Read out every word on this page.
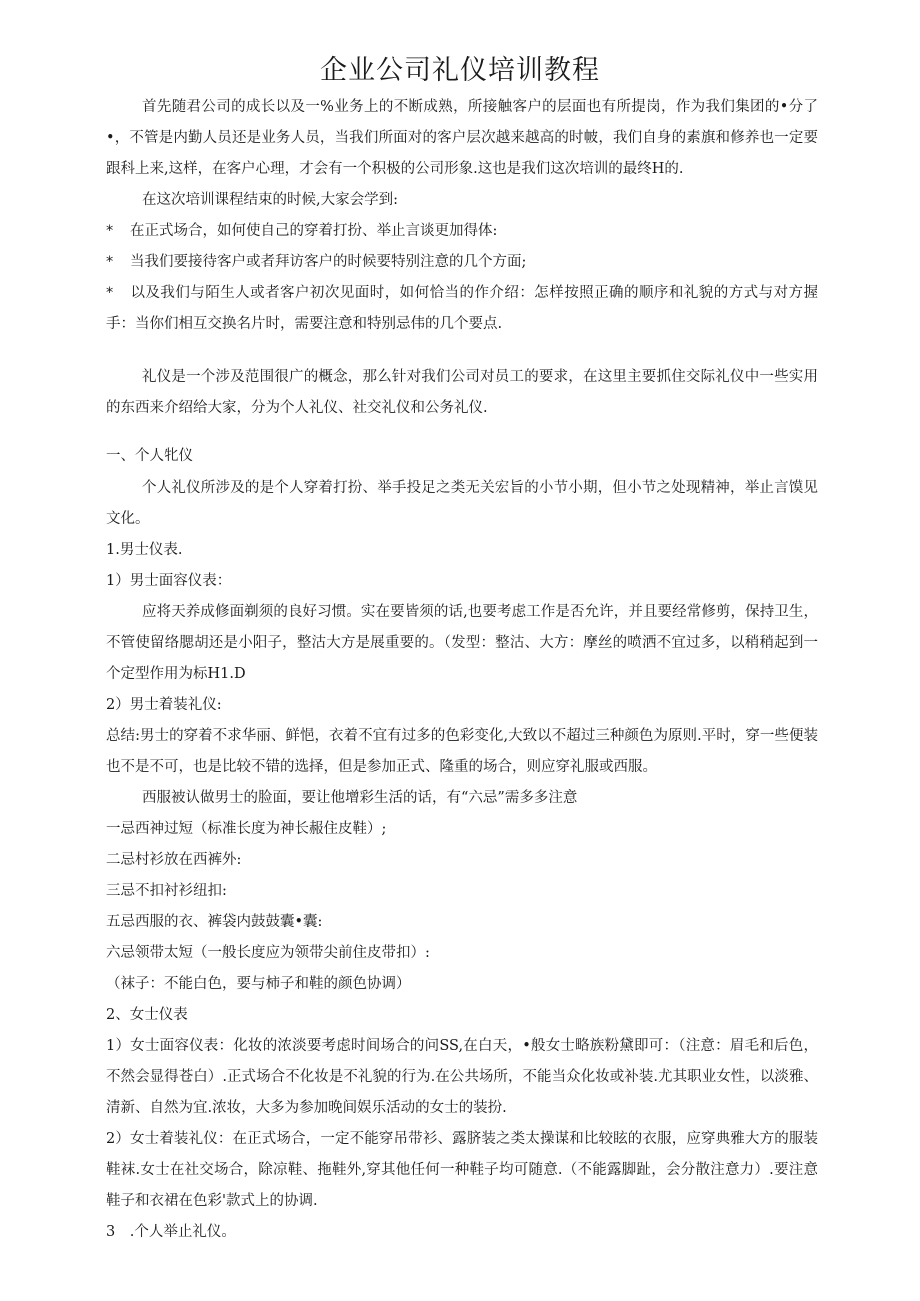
企业公司礼仪培训教程

首先随君公司的成长以及一%业务上的不断成熟，所接触客户的层面也有所提岗，作为我们集团的•分了•，不管是内勤人员还是业务人员，当我们所面对的客户层次越来越高的时帔，我们自身的素旗和修养也一定要跟科上来,这样，在客户心理，才会有一个积极的公司形象.这也是我们这次培训的最终H的.

在这次培训课程结束的时候,大家会学到:

* 在正式场合，如何使自己的穿着打扮、举止言谈更加得体:
* 当我们要接待客户或者拜访客户的时候要特别注意的几个方面;

* 以及我们与陌生人或者客户初次见面时，如何恰当的作介绍：怎样按照正确的顺序和礼貌的方式与对方握手：当你们相互交换名片时，需要注意和特别忌伟的几个要点.

礼仪是一个涉及范围很广的概念，那么针对我们公司对员工的要求，在这里主要抓住交际礼仪中一些实用的东西来介绍给大家，分为个人礼仪、社交礼仪和公务礼仪.

一、个人牝仪

个人礼仪所涉及的是个人穿着打扮、举手投足之类无关宏旨的小节小期，但小节之处现精神，举止言馍见文化。

1.男士仪表.

1）男士面容仪表：

应将天养成修面剃须的良好习惯。实在要皆须的话,也要考虑工作是否允许，并且要经常修剪，保持卫生，不管使留络腮胡还是小阳子，整沽大方是展重要的。（发型：整沽、大方：摩丝的喷洒不宜过多，以稍稍起到一个定型作用为标H1.D

2）男士着装礼仪:

总结:男士的穿着不求华丽、鲜悒，衣着不宜有过多的色彩变化,大致以不超过三种颜色为原则.平时，穿一些便装也不是不可，也是比较不错的选择，但是参加正式、隆重的场合，则应穿礼服或西服。

西服被认做男士的脸面，要让他增彩生活的话，有“六忌”需多多注意

一忌西神过短（标准长度为神长赧住皮鞋）;

二忌村衫放在西裤外:

三忌不扣衬衫纽扣:

五忌西服的衣、裤袋内鼓鼓囊•囊:

六忌领带太短（一般长度应为领带尖前住皮带扣）:

（袜子：不能白色，要与柿子和鞋的颜色协调）

2、女士仪表

1）女士面容仪表：化妆的浓淡要考虑时间场合的问SS,在白天，•般女士略族粉黛即可：（注意：眉毛和后色，不然会显得苍白）.正式场合不化妆是不礼貌的行为.在公共场所，不能当众化妆或补装.尤其职业女性，以淡雅、清新、自然为宜.浓妆，大多为参加晚间娱乐活动的女士的装扮.

2）女士着装礼仪：在正式场合，一定不能穿吊带衫、露脐装之类太操谋和比较眩的衣服，应穿典雅大方的服装鞋袜.女士在社交场合，除凉鞋、拖鞋外,穿其他任何一种鞋子均可随意.（不能露脚趾，会分散注意力）.要注意鞋子和衣裙在色彩'款式上的协调.

3　.个人举止礼仪。
